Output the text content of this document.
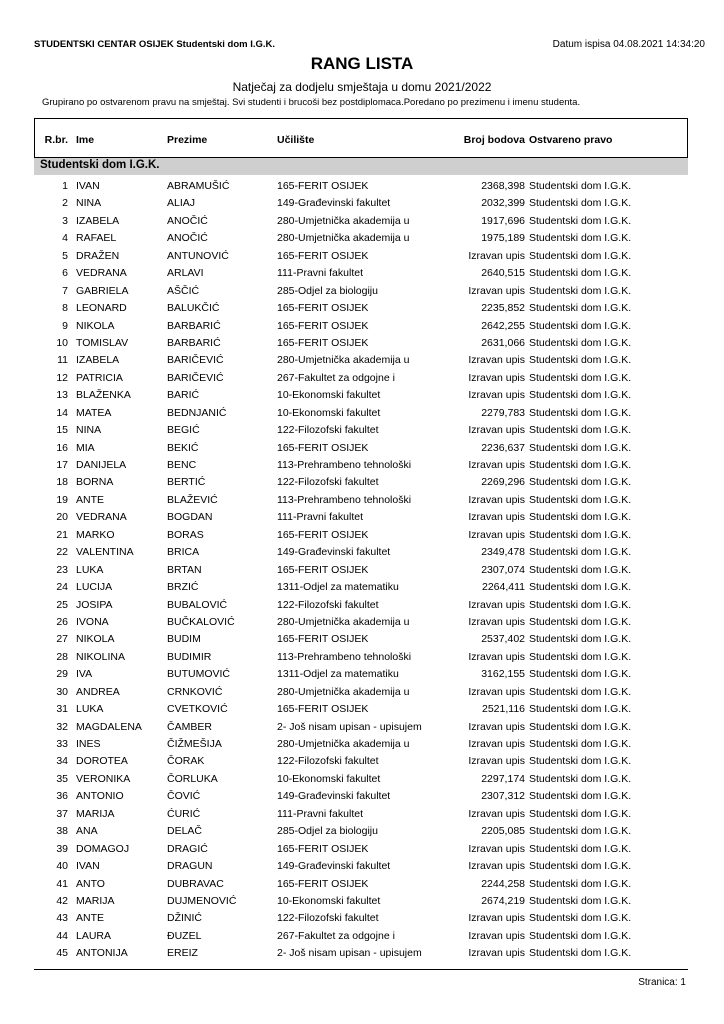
STUDENTSKI CENTAR OSIJEK Studentski dom I.G.K.	Datum ispisa 04.08.2021 14:34:20
RANG LISTA
Natječaj za dodjelu smještaja u domu 2021/2022
Grupirano po ostvarenom pravu na smještaj. Svi studenti i brucoši bez postdiplomaca.Poredano po prezimenu i imenu studenta.
R.br. Ime	Prezime	Učilište	Broj bodova Ostvareno pravo
Studentski dom I.G.K.
1 IVAN	ABRAMUŠIĆ	165-FERIT OSIJEK	2368,398 Studentski dom I.G.K.
2 NINA	ALIAJ	149-Građevinski fakultet	2032,399 Studentski dom I.G.K.
3 IZABELA	ANOČIĆ	280-Umjetnička akademija u	1917,696 Studentski dom I.G.K.
4 RAFAEL	ANOČIĆ	280-Umjetnička akademija u	1975,189 Studentski dom I.G.K.
5 DRAŽEN	ANTUNOVIĆ	165-FERIT OSIJEK	Izravan upis Studentski dom I.G.K.
6 VEDRANA	ARLAVI	111-Pravni fakultet	2640,515 Studentski dom I.G.K.
7 GABRIELA	AŠČIĆ	285-Odjel za biologiju	Izravan upis Studentski dom I.G.K.
8 LEONARD	BALUKČIĆ	165-FERIT OSIJEK	2235,852 Studentski dom I.G.K.
9 NIKOLA	BARBARIĆ	165-FERIT OSIJEK	2642,255 Studentski dom I.G.K.
10 TOMISLAV	BARBARIĆ	165-FERIT OSIJEK	2631,066 Studentski dom I.G.K.
11 IZABELA	BARIČEVIĆ	280-Umjetnička akademija u	Izravan upis Studentski dom I.G.K.
12 PATRICIA	BARIČEVIĆ	267-Fakultet za odgojne i	Izravan upis Studentski dom I.G.K.
13 BLAŽENKA	BARIĆ	10-Ekonomski fakultet	Izravan upis Studentski dom I.G.K.
14 MATEA	BEDNJANIĆ	10-Ekonomski fakultet	2279,783 Studentski dom I.G.K.
15 NINA	BEGIĆ	122-Filozofski fakultet	Izravan upis Studentski dom I.G.K.
16 MIA	BEKIĆ	165-FERIT OSIJEK	2236,637 Studentski dom I.G.K.
17 DANIJELA	BENC	113-Prehrambeno tehnološki	Izravan upis Studentski dom I.G.K.
18 BORNA	BERTIĆ	122-Filozofski fakultet	2269,296 Studentski dom I.G.K.
19 ANTE	BLAŽEVIĆ	113-Prehrambeno tehnološki	Izravan upis Studentski dom I.G.K.
20 VEDRANA	BOGDAN	111-Pravni fakultet	Izravan upis Studentski dom I.G.K.
21 MARKO	BORAS	165-FERIT OSIJEK	Izravan upis Studentski dom I.G.K.
22 VALENTINA	BRICA	149-Građevinski fakultet	2349,478 Studentski dom I.G.K.
23 LUKA	BRTAN	165-FERIT OSIJEK	2307,074 Studentski dom I.G.K.
24 LUCIJA	BRZIĆ	1311-Odjel za matematiku	2264,411 Studentski dom I.G.K.
25 JOSIPA	BUBALOVIĆ	122-Filozofski fakultet	Izravan upis Studentski dom I.G.K.
26 IVONA	BUČKALOVIĆ	280-Umjetnička akademija u	Izravan upis Studentski dom I.G.K.
27 NIKOLA	BUDIM	165-FERIT OSIJEK	2537,402 Studentski dom I.G.K.
28 NIKOLINA	BUDIMIR	113-Prehrambeno tehnološki	Izravan upis Studentski dom I.G.K.
29 IVA	BUTUMOVIĆ	1311-Odjel za matematiku	3162,155 Studentski dom I.G.K.
30 ANDREA	CRNKOVIĆ	280-Umjetnička akademija u	Izravan upis Studentski dom I.G.K.
31 LUKA	CVETKOVIĆ	165-FERIT OSIJEK	2521,116 Studentski dom I.G.K.
32 MAGDALENA ČAMBER	2- Još nisam upisan - upisujem	Izravan upis Studentski dom I.G.K.
33 INES	ČIŽMEŠIJA	280-Umjetnička akademija u	Izravan upis Studentski dom I.G.K.
34 DOROTEA	ČORAK	122-Filozofski fakultet	Izravan upis Studentski dom I.G.K.
35 VERONIKA	ČORLUKA	10-Ekonomski fakultet	2297,174 Studentski dom I.G.K.
36 ANTONIO	ČOVIĆ	149-Građevinski fakultet	2307,312 Studentski dom I.G.K.
37 MARIJA	ĆURIĆ	111-Pravni fakultet	Izravan upis Studentski dom I.G.K.
38 ANA	DELAČ	285-Odjel za biologiju	2205,085 Studentski dom I.G.K.
39 DOMAGOJ	DRAGIĆ	165-FERIT OSIJEK	Izravan upis Studentski dom I.G.K.
40 IVAN	DRAGUN	149-Građevinski fakultet	Izravan upis Studentski dom I.G.K.
41 ANTO	DUBRAVAC	165-FERIT OSIJEK	2244,258 Studentski dom I.G.K.
42 MARIJA	DUJMENOVIĆ	10-Ekonomski fakultet	2674,219 Studentski dom I.G.K.
43 ANTE	DŽINIĆ	122-Filozofski fakultet	Izravan upis Studentski dom I.G.K.
44 LAURA	ĐUZEL	267-Fakultet za odgojne i	Izravan upis Studentski dom I.G.K.
45 ANTONIJA	EREIZ	2- Još nisam upisan - upisujem	Izravan upis Studentski dom I.G.K.
Stranica: 1
